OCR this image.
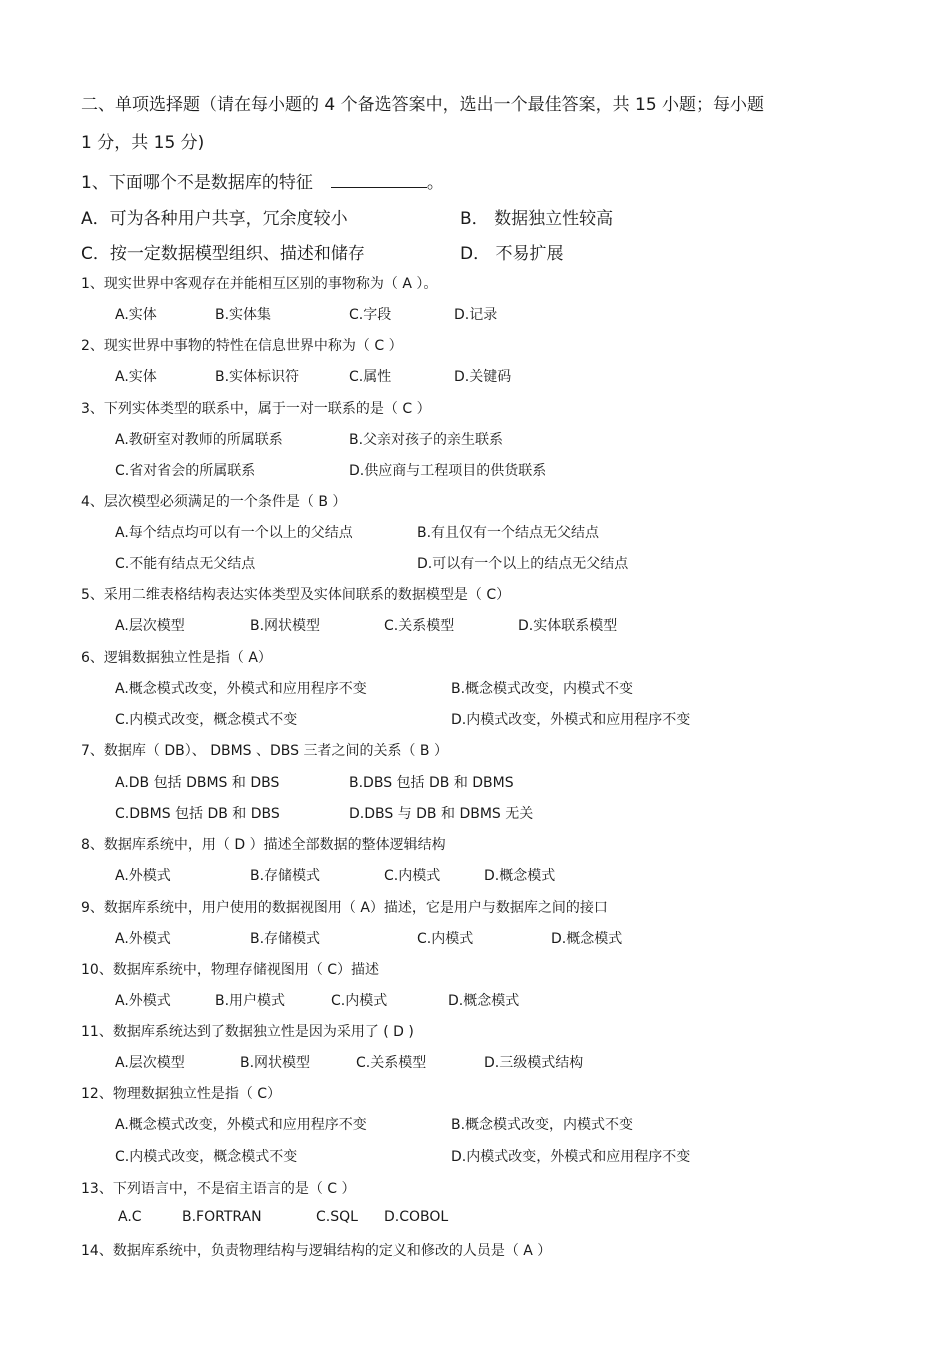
二、单项选择题（请在每小题的 4 个备选答案中，选出一个最佳答案，共 15 小题；每小题
1 分，共 15 分)
1、下面哪个不是数据库的特征	。
A．可为各种用户共享，冗余度较小	B． 数据独立性较高
C．按一定数据模型组织、描述和储存	D． 不易扩展
1、现实世界中客观存在并能相互区别的事物称为（ A ）。
A.实体	B.实体集	C.字段	D.记录
2、现实世界中事物的特性在信息世界中称为（ C ）
A.实体	B.实体标识符	C.属性	D.关键码
3、下列实体类型的联系中，属于一对一联系的是（ C ）
A.教研室对教师的所属联系	B.父亲对孩子的亲生联系
C.省对省会的所属联系	D.供应商与工程项目的供货联系
4、层次模型必须满足的一个条件是（ B ）
A.每个结点均可以有一个以上的父结点	B.有且仅有一个结点无父结点
C.不能有结点无父结点	D.可以有一个以上的结点无父结点
5、采用二维表格结构表达实体类型及实体间联系的数据模型是（ C）
A.层次模型	B.网状模型	C.关系模型	D.实体联系模型
6、逻辑数据独立性是指（ A）
A.概念模式改变，外模式和应用程序不变	B.概念模式改变，内模式不变
C.内模式改变，概念模式不变	D.内模式改变，外模式和应用程序不变
7、数据库（ DB）、 DBMS 、DBS 三者之间的关系（ B ）
A.DB 包括 DBMS 和 DBS	B.DBS 包括 DB 和 DBMS
C.DBMS 包括 DB 和 DBS	D.DBS 与 DB 和 DBMS 无关
8、数据库系统中，用（ D ）描述全部数据的整体逻辑结构
A.外模式	B.存储模式	C.内模式	D.概念模式
9、数据库系统中，用户使用的数据视图用（ A）描述，它是用户与数据库之间的接口
A.外模式	B.存储模式	C.内模式	D.概念模式
10、数据库系统中，物理存储视图用（ C）描述
A.外模式	B.用户模式	C.内模式	D.概念模式
11、数据库系统达到了数据独立性是因为采用了 ( D )
A.层次模型	B.网状模型	C.关系模型	D.三级模式结构
12、物理数据独立性是指（ C）
A.概念模式改变，外模式和应用程序不变	B.概念模式改变，内模式不变
C.内模式改变，概念模式不变	D.内模式改变，外模式和应用程序不变
13、下列语言中，不是宿主语言的是（ C ）
A.C	B.FORTRAN	C.SQL D.COBOL
14、数据库系统中，负责物理结构与逻辑结构的定义和修改的人员是（ A ）
